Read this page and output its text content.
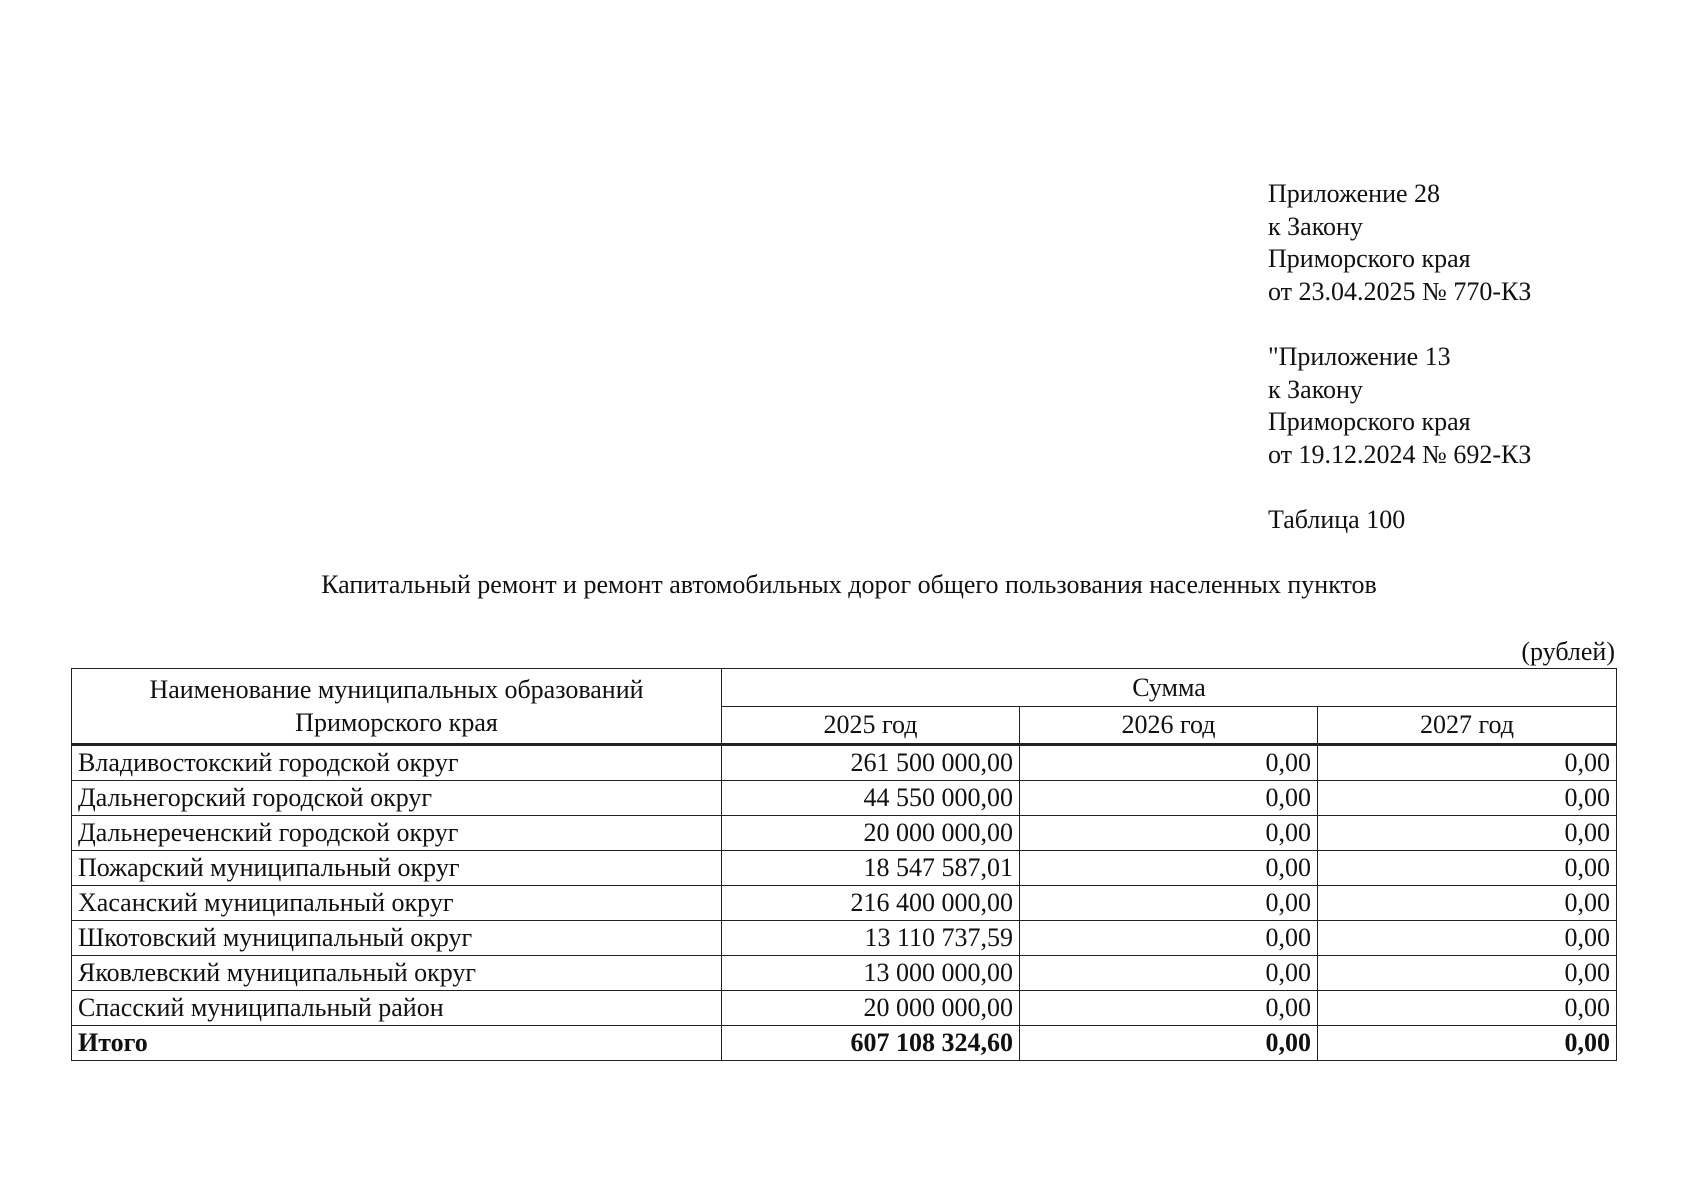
Приложение 28
к Закону
Приморского края
от 23.04.2025 № 770-КЗ
"Приложение 13
к Закону
Приморского края
от 19.12.2024 № 692-КЗ
Таблица 100
Капитальный ремонт и ремонт автомобильных дорог общего пользования населенных пунктов
(рублей)
Наименование муниципальных образований
Приморского края	Сумма		
	2025 год	2026 год	2027 год
Владивостокский городской округ	261 500 000,00	0,00	0,00
Дальнегорский городской округ	44 550 000,00	0,00	0,00
Дальнереченский городской округ	20 000 000,00	0,00	0,00
Пожарский муниципальный округ	18 547 587,01	0,00	0,00
Хасанский муниципальный округ	216 400 000,00	0,00	0,00
Шкотовский муниципальный округ	13 110 737,59	0,00	0,00
Яковлевский муниципальный округ	13 000 000,00	0,00	0,00
Спасский муниципальный район	20 000 000,00	0,00	0,00
Итого	607 108 324,60	0,00	0,00
